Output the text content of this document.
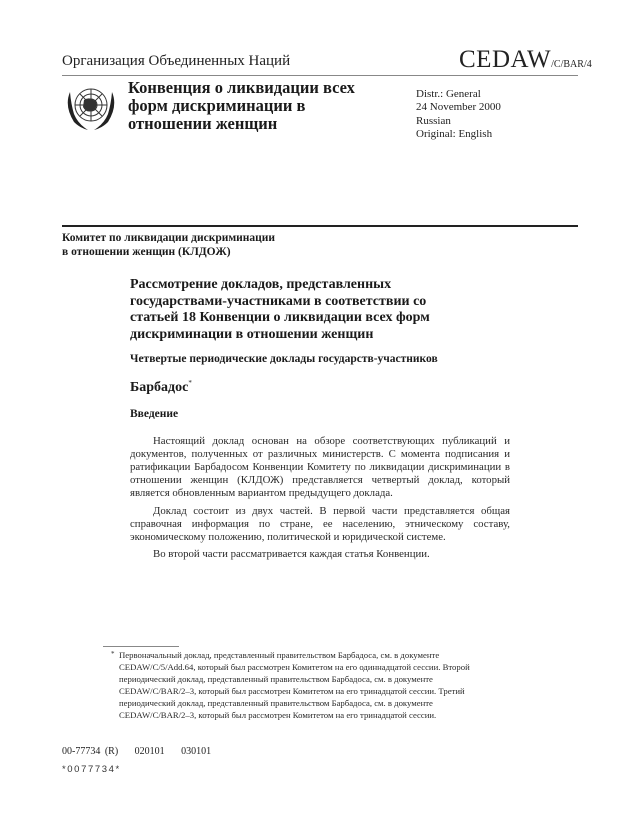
Организация Объединенных Наций	CEDAW/C/BAR/4
Конвенция о ликвидации всех
форм дискриминации в
отношении женщин
Distr.: General
24 November 2000
Russian
Original: English
Комитет по ликвидации дискриминации
в отношении женщин (КЛДОЖ)
Рассмотрение докладов, представленных
государствами-участниками в соответствии со
статьей 18 Конвенции о ликвидации всех форм
дискриминации в отношении женщин
Четвертые периодические доклады государств-участников
Барбадос*
Введение

Настоящий доклад основан на обзоре соответствующих публикаций и документов, полученных от различных министерств. С момента подписания и ратификации Барбадосом Конвенции Комитету по ликвидации дискриминации в отношении женщин (КЛДОЖ) представляется четвертый доклад, который является обновленным вариантом предыдущего доклада.

Доклад состоит из двух частей. В первой части представляется общая справочная информация по стране, ее населению, этническому составу, экономическому положению, политической и юридической системе.

Во второй части рассматривается каждая статья Конвенции.

* Первоначальный доклад, представленный правительством Барбадоса, см. в документе CEDAW/C/5/Add.64, который был рассмотрен Комитетом на его одиннадцатой сессии. Второй периодический доклад, представленный правительством Барбадоса, см. в документе CEDAW/C/BAR/2–3, который был рассмотрен Комитетом на его тринадцатой сессии. Третий периодический доклад, представленный правительством Барбадоса, см. в документе CEDAW/C/BAR/2–3, который был рассмотрен Комитетом на его тринадцатой сессии.
00-77734 (R) 020101 030101
*0077734*
